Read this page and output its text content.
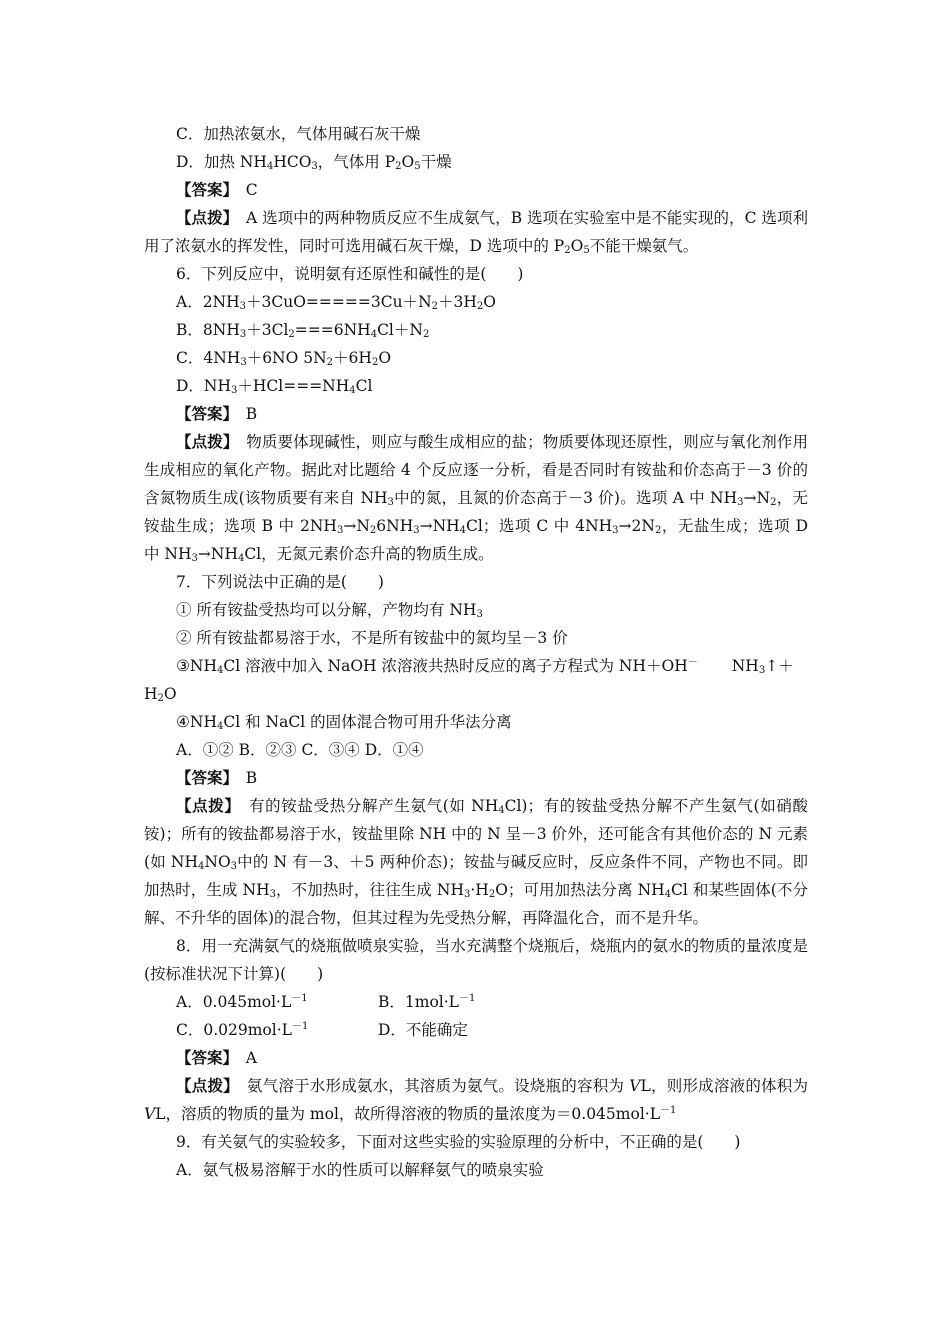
C．加热浓氨水，气体用碱石灰干燥
D．加热 $NH_4HCO_3$，气体用 $P_2O_5$干燥
【答案】　 C
【点拨】　 A 选项中的两种物质反应不生成氨气，B 选项在实验室中是不能实现的，C 选项利用了浓氨水的挥发性，同时可选用碱石灰干燥，D 选项中的 $P_2O_5$不能干燥氨气。
6．下列反应中，说明氨有还原性和碱性的是(　　)
A．$2NH_3+3CuO=====3Cu+N_2+3H_2O$
B．$8NH_3+3Cl_2===6NH_4Cl+N_2$
C．$4NH_3+6NO$ $5N_2+6H_2O$
D．$NH_3+HCl===NH_4Cl$
【答案】　 B
【点拨】　 物质要体现碱性，则应与酸生成相应的盐；物质要体现还原性，则应与氧化剂作用生成相应的氧化产物。据此对比题给 4 个反应逐一分析，看是否同时有铵盐和价态高于－3 价的含氮物质生成(该物质要有来自 $NH_3$中的氮，且氮的价态高于－3 价)。选项 A 中 $NH_3\to N_2$，无铵盐生成；选项 B 中 $2NH_3\to N_26NH_3\to NH_4Cl$；选项 C 中 $4NH_3\to 2N_2$，无盐生成；选项 D 中 $NH_3\to NH_4Cl$，无氮元素价态升高的物质生成。
7．下列说法中正确的是(　　)
① 所有铵盐受热均可以分解，产物均有 $NH_3$
② 所有铵盐都易溶于水，不是所有铵盐中的氮均呈－3 价
$③NH_4Cl$ 溶液中加入 NaOH 浓溶液共热时反应的离子方程式为 NH＋OH－ $NH_3↑+$
$H_2O$
$④NH_4Cl$ 和 NaCl 的固体混合物可用升华法分离
A．①② B．②③ C．③④ D．①④
【答案】　 B
【点拨】　 有的铵盐受热分解产生氨气(如 $NH_4Cl$)；有的铵盐受热分解不产生氨气(如硝酸铵)；所有的铵盐都易溶于水，铵盐里除 NH 中的 N 呈－3 价外，还可能含有其他价态的 N 元素(如 $NH_4NO_3$中的 N 有－3、＋5 两种价态)；铵盐与碱反应时，反应条件不同，产物也不同。即加热时，生成 $NH_3$，不加热时，往往生成 $NH_3\cdot H_2O$；可用加热法分离 $NH_4Cl$ 和某些固体(不分解、不升华的固体)的混合物，但其过程为先受热分解，再降温化合，而不是升华。
8．用一充满氨气的烧瓶做喷泉实验，当水充满整个烧瓶后，烧瓶内的氨水的物质的量浓度是(按标准状况下计算)(　　)
A．$0.045mol\cdot L^{-1}$	B．$1mol\cdot L^{-1}$
C．$0.029mol\cdot L^{-1}$	D．不能确定
【答案】　 A
【点拨】　 氨气溶于水形成氨水，其溶质为氨气。设烧瓶的容积为 VL，则形成溶液的体积为 VL，溶质的物质的量为 mol，故所得溶液的物质的量浓度为$=0.045mol\cdot L^{-1}$
9．有关氨气的实验较多，下面对这些实验的实验原理的分析中，不正确的是(　　)
A．氨气极易溶解于水的性质可以解释氨气的喷泉实验
